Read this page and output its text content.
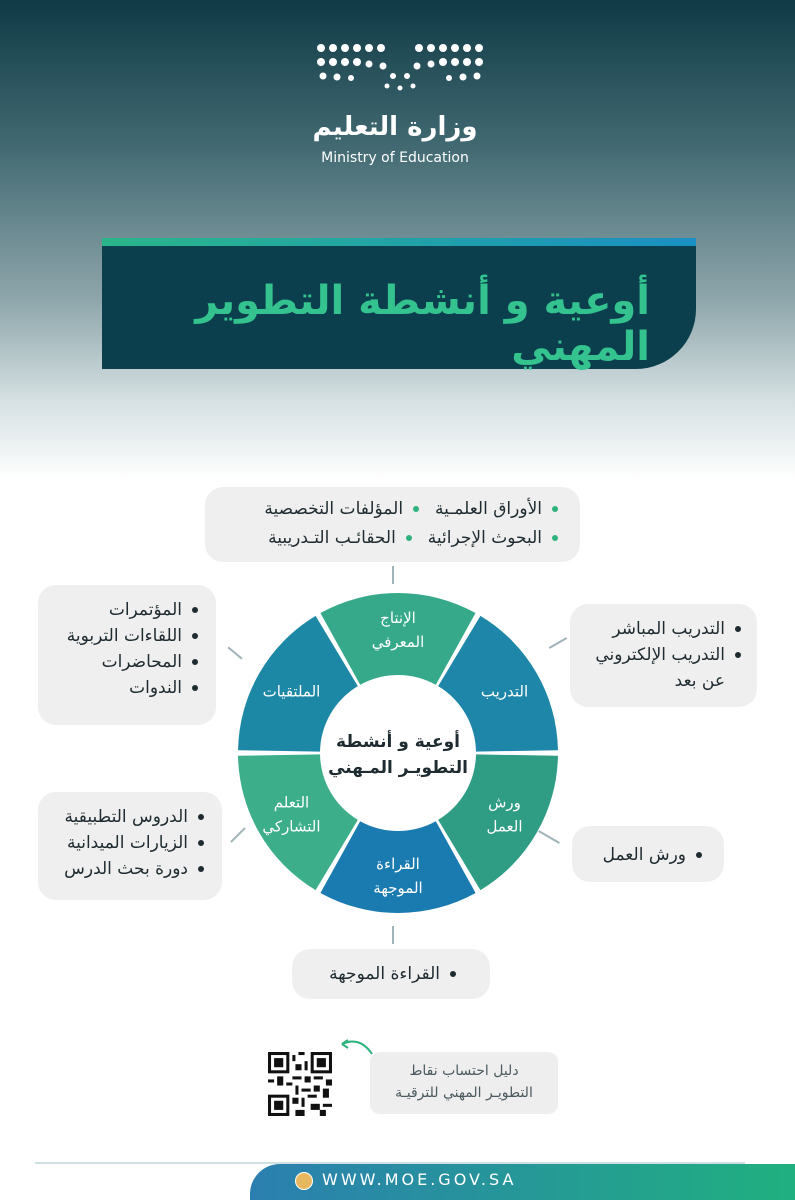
وزارة التعليم
Ministry of Education
أوعية و أنشطة التطوير المهني
الأوراق العلمـية
المؤلفات التخصصية
البحوث الإجرائية
الحقائـب التـدريبية
المؤتمرات
اللقاءات التربوية
المحاضرات
الندوات
التدريب المباشر
التدريب الإلكتروني
عن بعد
الدروس التطبيقية
الزيارات الميدانية
دورة بحث الدرس
ورش العمل
القراءة الموجهة
الإنتاج
المعرفي
التدريب
ورش
العمل
القراءة
الموجهة
التعلم
التشاركي
الملتقيات
أوعية و أنشطة
التطويـر المـهني
دليل احتساب نقاط
التطويـر المهني للترقيـة
WWW.MOE.GOV.SA
